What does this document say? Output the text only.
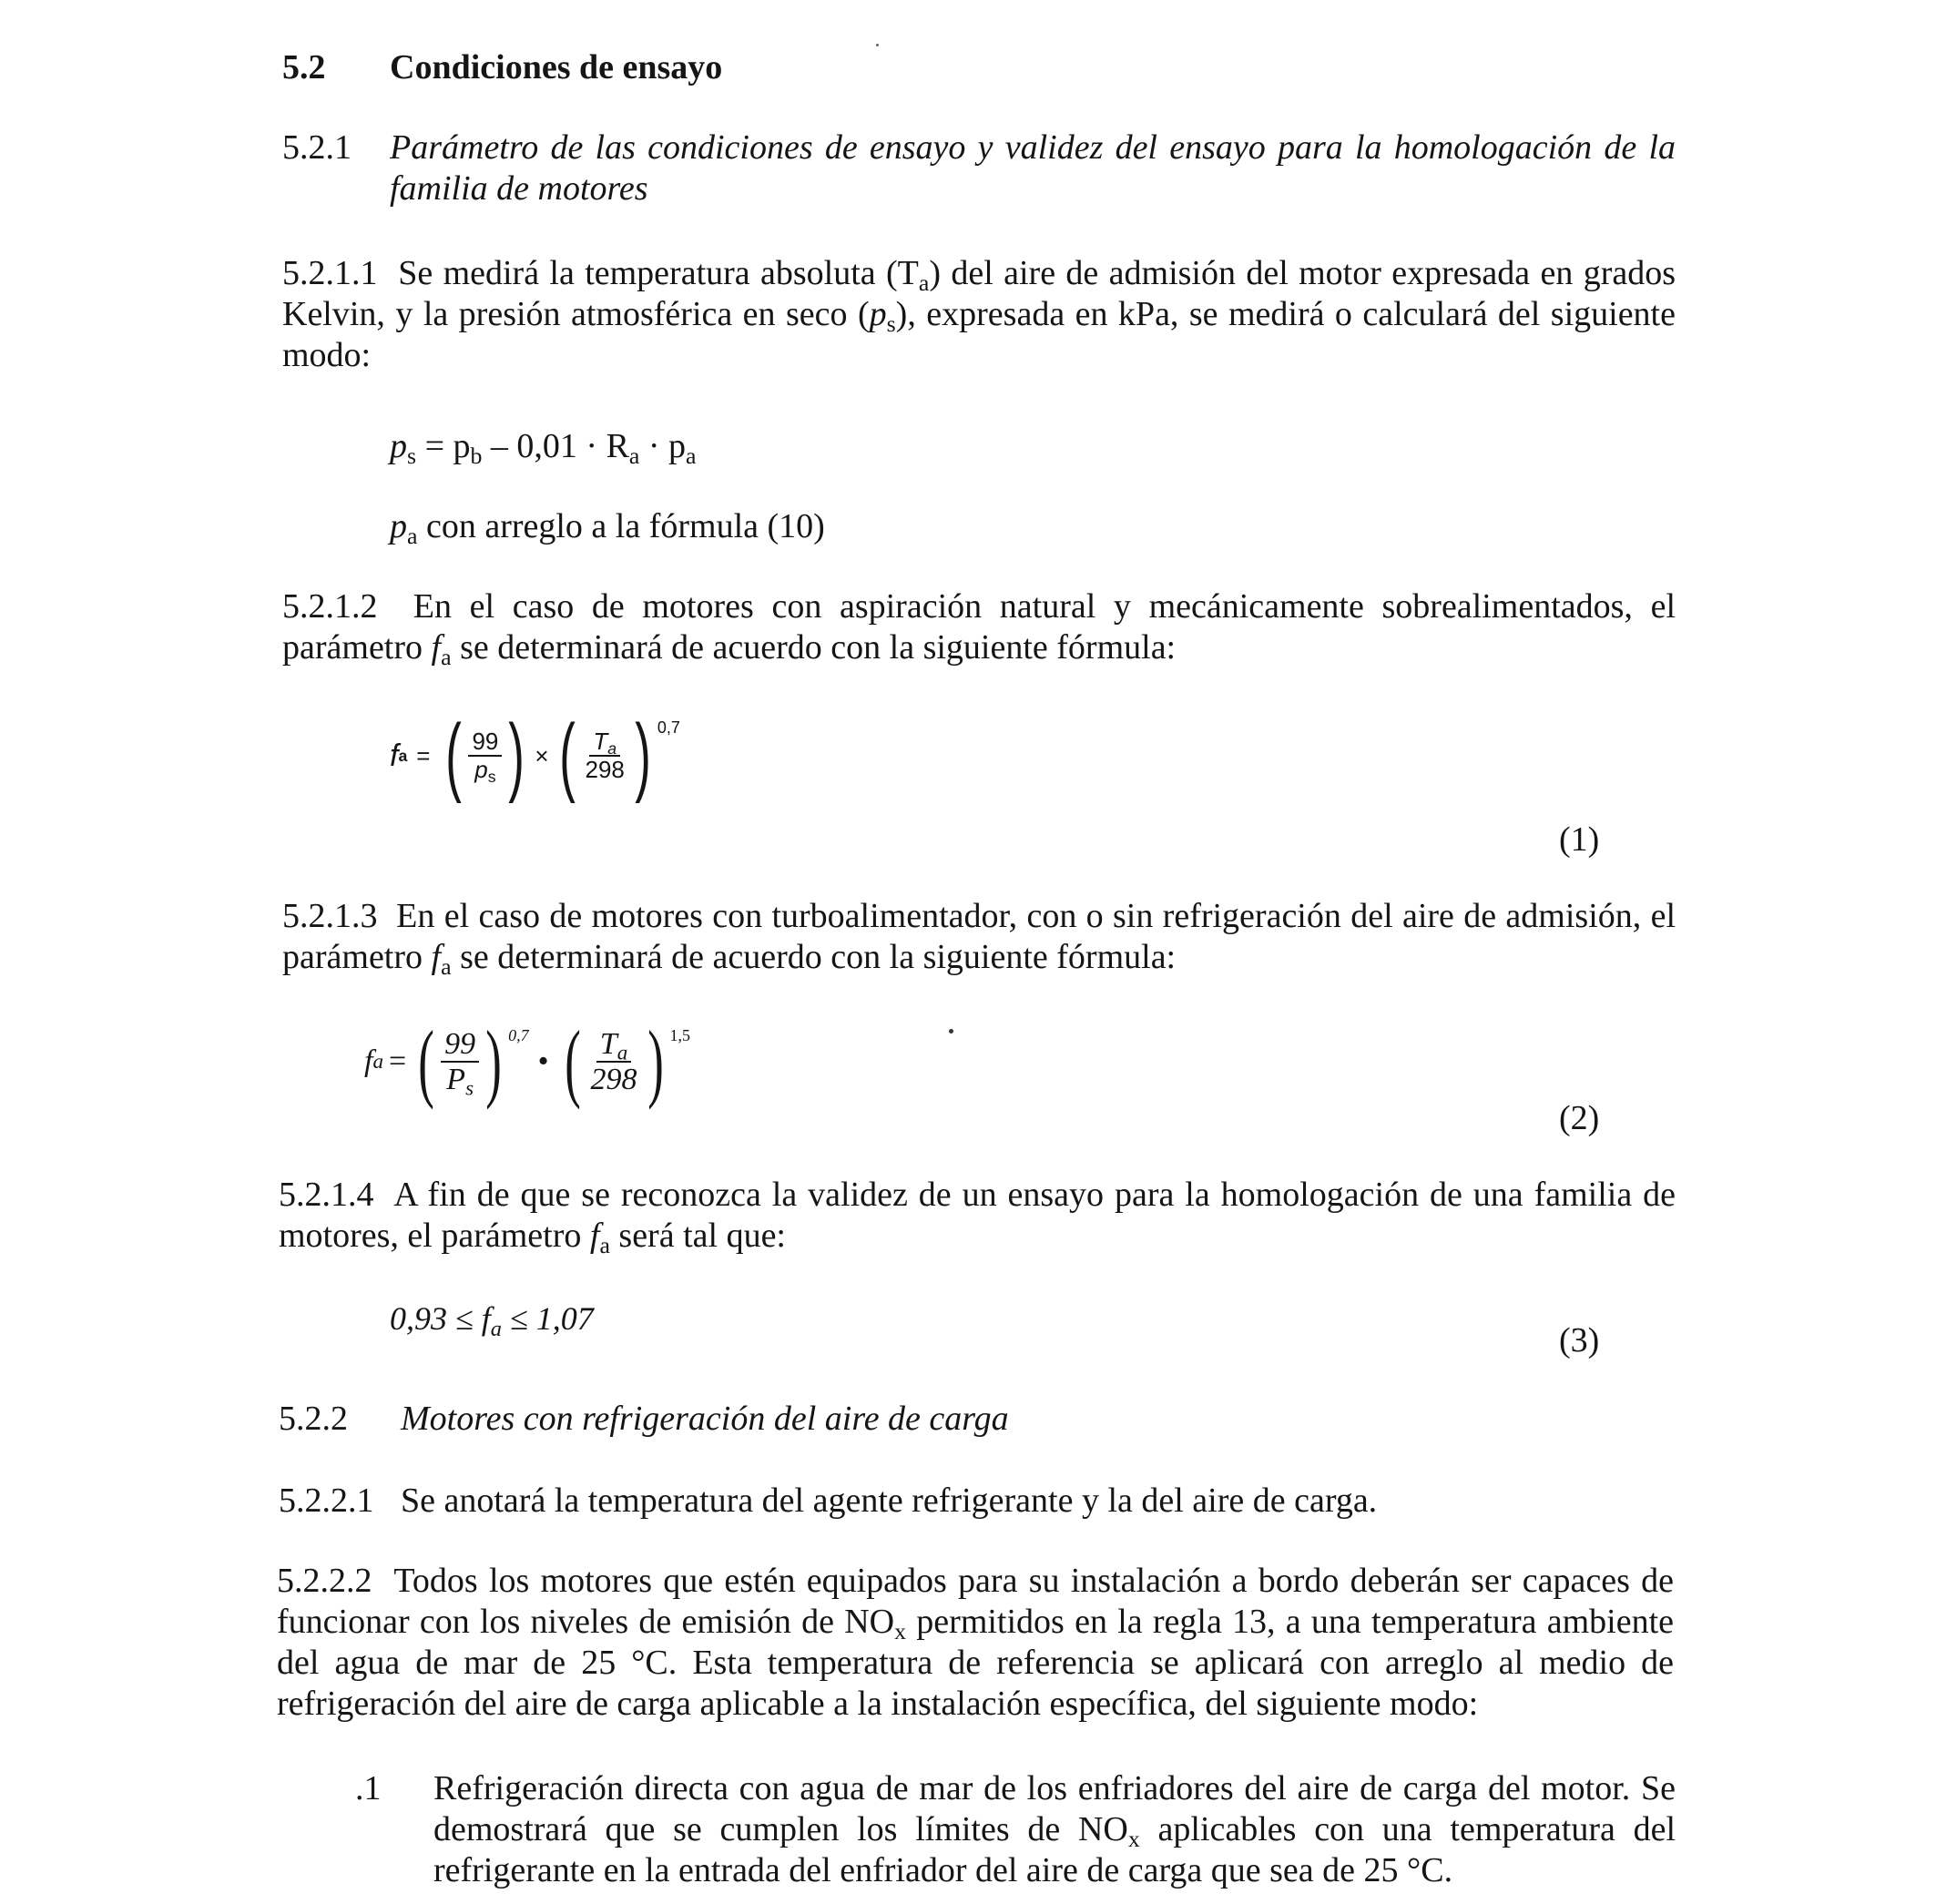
5.2 Condiciones de ensayo
5.2.1	Parámetro de las condiciones de ensayo y validez del ensayo para la homologación de la familia de motores
5.2.1.1 Se medirá la temperatura absoluta $(T_a)$ del aire de admisión del motor expresada en grados Kelvin, y la presión atmosférica en seco $(p_s)$, expresada en kPa, se medirá o calculará del siguiente modo:
$p_s = p_b - 0,01 \cdot R_a \cdot p_a$
$p_a$ con arreglo a la fórmula (10)
5.2.1.2 En el caso de motores con aspiración natural y mecánicamente sobrealimentados, el parámetro $f_a$ se determinará de acuerdo con la siguiente fórmula:
f a = ( $\frac{99}{p_s}$ ) × ( $\frac{T_a}{298}$ ) 0,7
(1)
5.2.1.3 En el caso de motores con turboalimentador, con o sin refrigeración del aire de admisión, el parámetro $f_a$ se determinará de acuerdo con la siguiente fórmula:
f a = ( $\frac{99}{P_s}$ ) 0,7
• ( $\frac{T_a}{298}$ ) 1,5
(2)
5.2.1.4 A fin de que se reconozca la validez de un ensayo para la homologación de una familia de motores, el parámetro $f_a$ será tal que:
$0,93 \le f_a \le 1,07$
(3)
5.2.2 Motores con refrigeración del aire de carga
5.2.2.1 Se anotará la temperatura del agente refrigerante y la del aire de carga.
5.2.2.2 Todos los motores que estén equipados para su instalación a bordo deberán ser capaces de funcionar con los niveles de emisión de $NO_x$ permitidos en la regla 13, a una temperatura ambiente del agua de mar de 25 °C. Esta temperatura de referencia se aplicará con arreglo al medio de refrigeración del aire de carga aplicable a la instalación específica, del siguiente modo:
.1 Refrigeración directa con agua de mar de los enfriadores del aire de carga del motor. Se demostrará que se cumplen los límites de $NO_x$ aplicables con una temperatura del refrigerante en la entrada del enfriador del aire de carga que sea de 25 °C.
